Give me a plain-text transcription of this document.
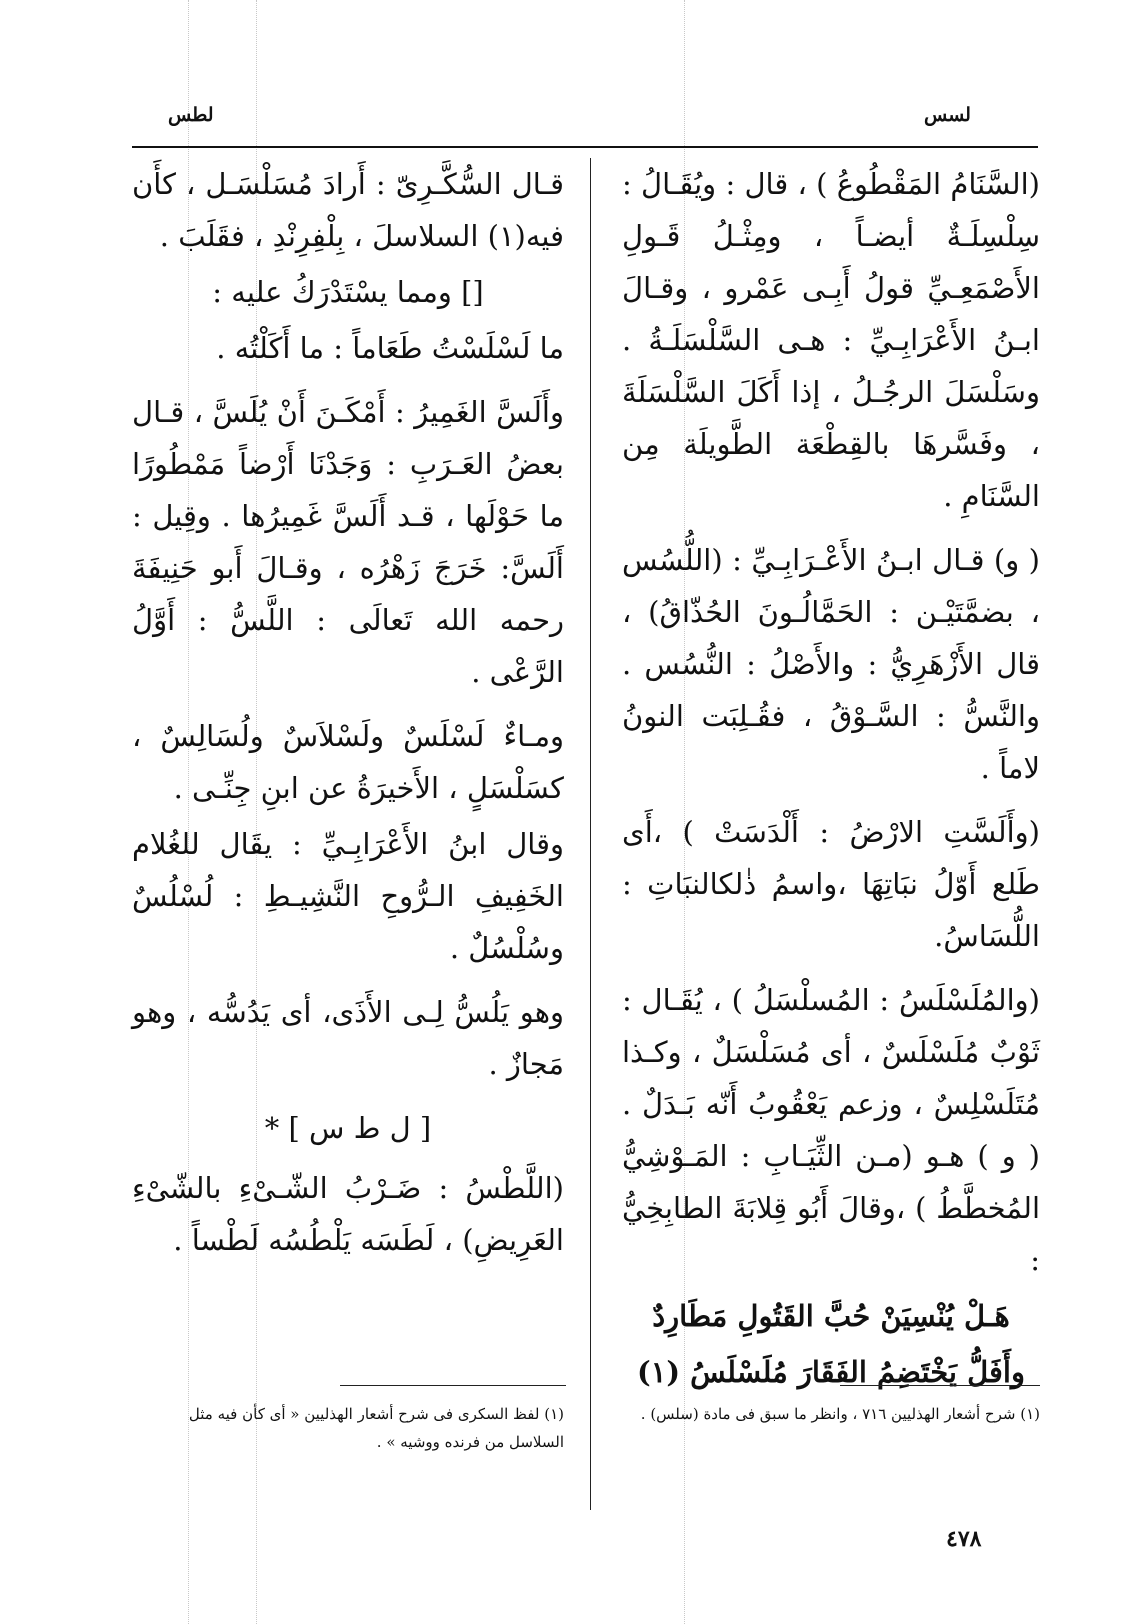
لطس	لسس

(السَّنَامُ المَقْطُوعُ ) ، قال : ويُقَـالُ : سِلْسِلَـةٌ أيضـاً ، ومِثْـلُ قَـولِ الأَصْمَعِـيِّ قولُ أَبِـى عَمْرو ، وقـالَ ابـنُ الأَعْرَابِـيِّ : هـى السَّلْسَلَـةُ . وسَلْسَلَ الرجُـلُ ، إذا أَكَلَ السَّلْسَلَةَ ، وفَسَّرهَا بالقِطْعَة الطَّويلَة مِن السَّنَامِ .

( و) قـال ابـنُ الأَعْـرَابِـيِّ : (اللُّسُس ، بضمَّتَيْـن : الحَمَّالُـونَ الحُذّاقُ) ، قال الأَزْهَرِيُّ : والأَصْلُ : النُّسُس . والنَّسُّ : السَّـوْقُ ، فقُـلِبَت النونُ لاماً .

(وأَلَسَّتِ الارْضُ : أَلْدَسَتْ ) ،أَى طَلع أَوّلُ نبَاتِهَا ،واسمُ ذٰلكالنبَاتِ : اللُّسَاسُ.

(والمُلَسْلَسُ : المُسلْسَلُ ) ، يُقَـال : ثَوْبٌ مُلَسْلَسٌ ، أى مُسَلْسَلٌ ، وكـذا مُتَلَسْلِسٌ ، وزعم يَعْقُوبُ أَنّه بَـدَلٌ . ( و ) هـو (مـن الثِّيَـابِ : المَـوْشِيُّ المُخطَّطُ ) ،وقالَ أَبُو قِلابَةَ الطابِخِيُّ :

هَـلْ يُنْسِيَنْ حُبَّ القَتُولِ مَطَارِدٌ
وأَفَلُّ يَخْتَضِمُ الفَقَارَ مُلَسْلَسُ (١)

قـال السُّكَّـرِىّ : أَرادَ مُسَلْسَـل ، كأَن فيه(١) السلاسلَ ، بِلْفِرِنْدِ ، فقَلَبَ .

[] ومما يسْتَدْرَكُ عليه :

ما لَسْلَسْتُ طَعَاماً : ما أَكَلْتُه .

وأَلَسَّ الغَمِيرُ : أَمْكَـنَ أَنْ يُلَسَّ ، قـال بعضُ العَـرَبِ : وَجَدْنَا أَرْضاً مَمْطُورًا ما حَوْلَها ، قـد أَلَسَّ غَمِيرُها . وقِيل : أَلَسَّ: خَرَجَ زَهْرُه ، وقـالَ أَبو حَنِيفَةَ رحمه الله تَعالَى : اللَّسُّ : أَوَّلُ الرَّعْى .

ومـاءٌ لَسْلَسٌ ولَسْلاَسٌ ولُسَالِسٌ ، كسَلْسَلٍ ، الأَخيرَةُ عن ابنِ جِنِّـى .

وقال ابنُ الأَعْرَابِـيِّ : يقَال للغُلام الخَفِيفِ الـرُّوحِ النَّشِيـطِ : لُسْلُسٌ وسُلْسُلٌ .

وهو يَلُسُّ لِـى الأَذَى، أى يَدُسُّه ، وهو مَجازٌ .

[ ل ط س ] *

(اللَّطْسُ : ضَـرْبُ الشّـىْءِ بالشّىْءِ العَرِيضِ) ، لَطَسَه يَلْطُسُه لَطْساً .

(١) شرح أشعار الهذليين ٧١٦ ، وانظر ما سبق فى مادة (سلس) .
(١) لفظ السكرى فى شرح أشعار الهذليين « أى كأن فيه مثل السلاسل من فرنده ووشيه » .
٤٧٨
